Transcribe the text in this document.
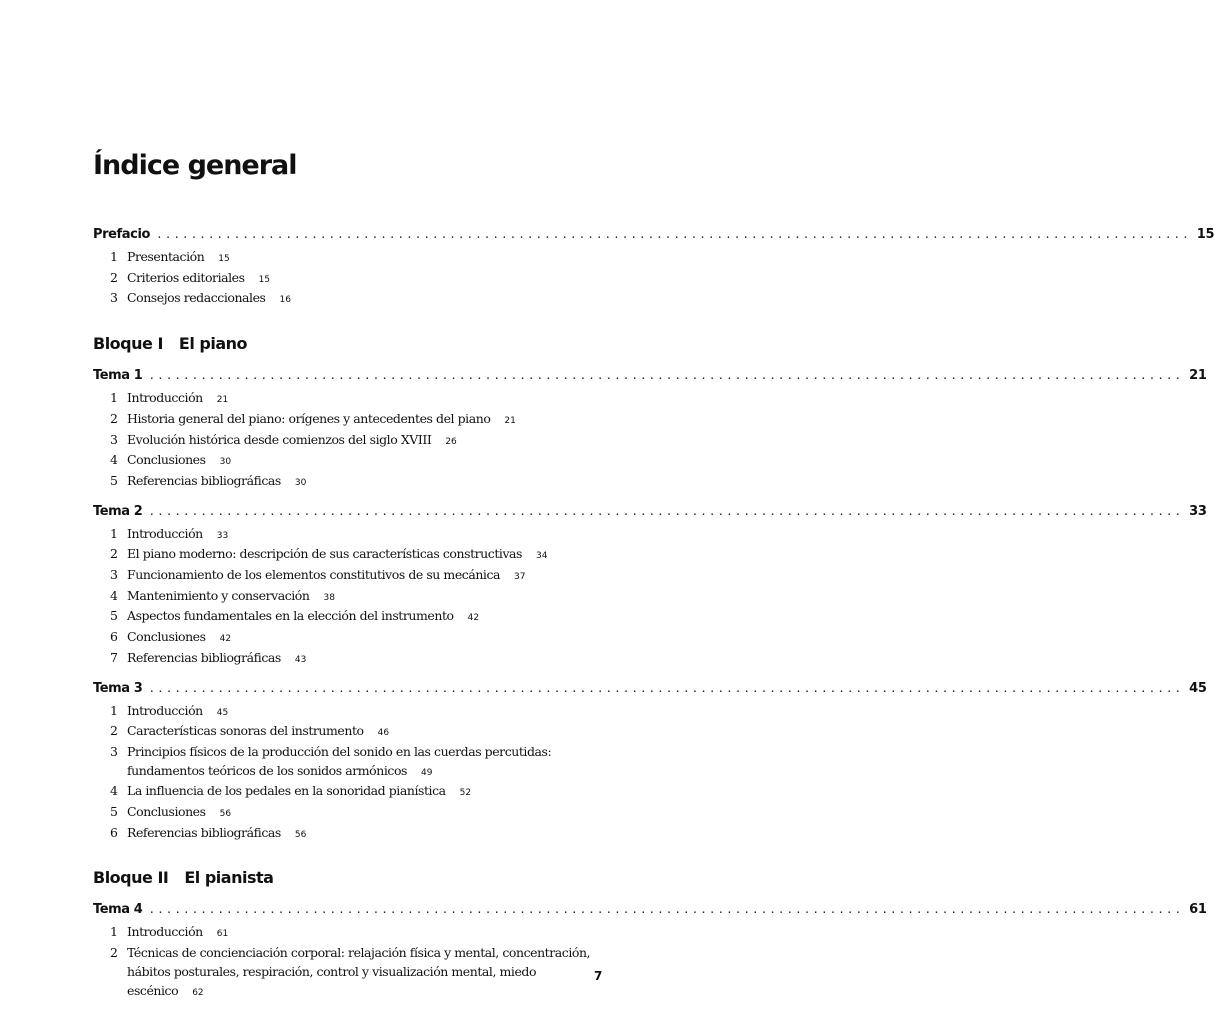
Índice general
Prefacio ........................................................................................................................ 15
1 Presentación 15
2 Criterios editoriales 15
3 Consejos redaccionales 16
Bloque I El piano
Tema 1 ........................................................................................................................ 21
1 Introducción 21
2 Historia general del piano: orígenes y antecedentes del piano 21
3 Evolución histórica desde comienzos del siglo XVIII 26
4 Conclusiones 30
5 Referencias bibliográficas 30
Tema 2 ........................................................................................................................ 33
1 Introducción 33
2 El piano moderno: descripción de sus características constructivas 34
3 Funcionamiento de los elementos constitutivos de su mecánica 37
4 Mantenimiento y conservación 38
5 Aspectos fundamentales en la elección del instrumento 42
6 Conclusiones 42
7 Referencias bibliográficas 43
Tema 3 ........................................................................................................................ 45
1 Introducción 45
2 Características sonoras del instrumento 46
3 Principios físicos de la producción del sonido en las cuerdas percutidas: fundamentos teóricos de los sonidos armónicos 49
4 La influencia de los pedales en la sonoridad pianística 52
5 Conclusiones 56
6 Referencias bibliográficas 56
Bloque II El pianista
Tema 4 ........................................................................................................................ 61
1 Introducción 61
2 Técnicas de concienciación corporal: relajación física y mental, concentración, hábitos posturales, respiración, control y visualización mental, miedo escénico 62
7
